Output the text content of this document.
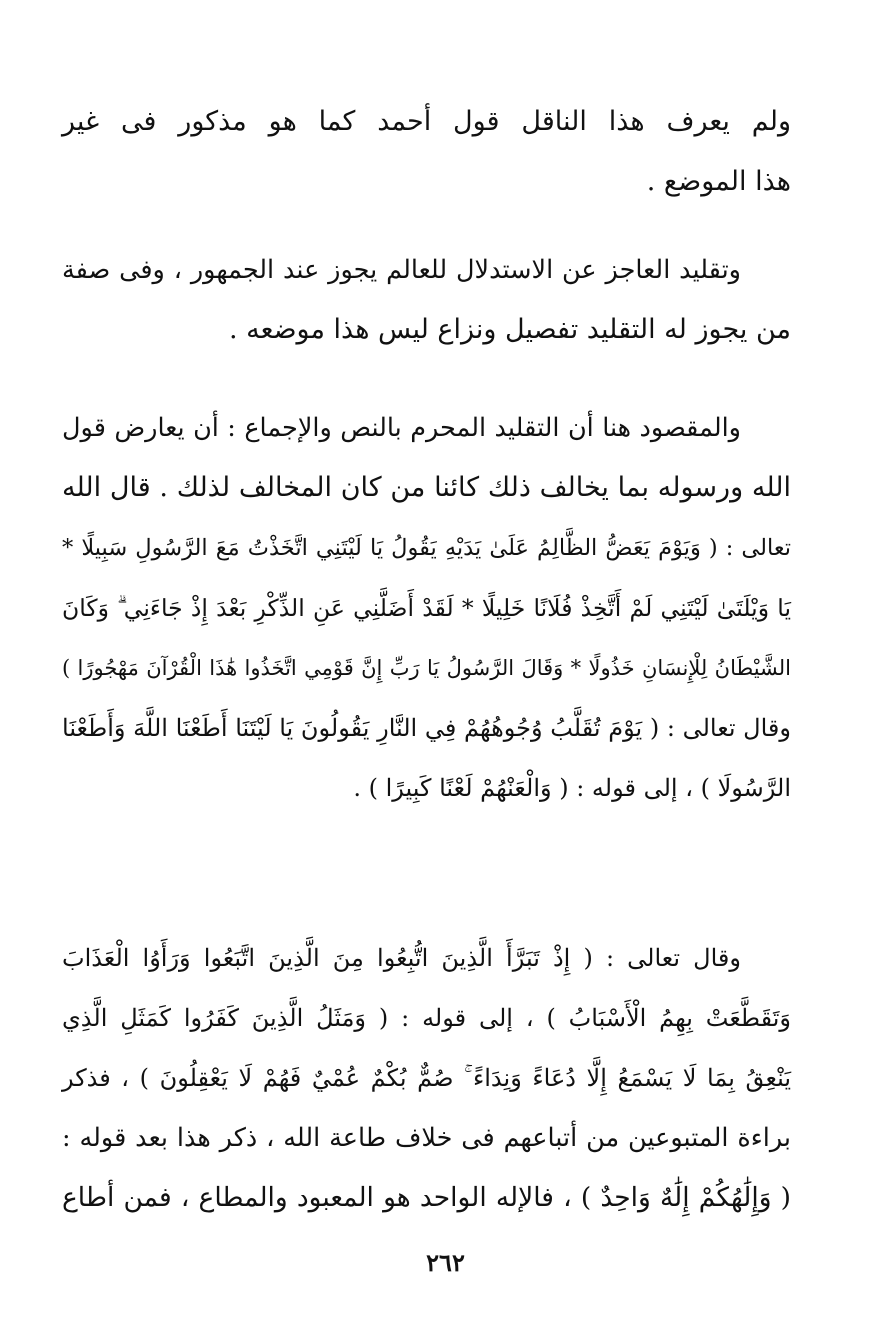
ولم يعرف هذا الناقل قول أحمد كما هو مذكور فى غير
هذا الموضع .
وتقليد العاجز عن الاستدلال للعالم يجوز عند الجمهور ، وفى صفة
من يجوز له التقليد تفصيل ونزاع ليس هذا موضعه .
والمقصود هنا أن التقليد المحرم بالنص والإجماع : أن يعارض قول
الله ورسوله بما يخالف ذلك كائنا من كان المخالف لذلك . قال الله
تعالى : ( وَيَوْمَ يَعَضُّ الظَّالِمُ عَلَىٰ يَدَيْهِ يَقُولُ يَا لَيْتَنِي اتَّخَذْتُ مَعَ الرَّسُولِ سَبِيلًا *
يَا وَيْلَتَىٰ لَيْتَنِي لَمْ أَتَّخِذْ فُلَانًا خَلِيلًا * لَقَدْ أَضَلَّنِي عَنِ الذِّكْرِ بَعْدَ إِذْ جَاءَنِي ۗ وَكَانَ
الشَّيْطَانُ لِلْإِنسَانِ خَذُولًا * وَقَالَ الرَّسُولُ يَا رَبِّ إِنَّ قَوْمِي اتَّخَذُوا هَٰذَا الْقُرْآنَ مَهْجُورًا )
وقال تعالى : ( يَوْمَ تُقَلَّبُ وُجُوهُهُمْ فِي النَّارِ يَقُولُونَ يَا لَيْتَنَا أَطَعْنَا اللَّهَ وَأَطَعْنَا
الرَّسُولَا ) ، إلى قوله : ( وَالْعَنْهُمْ لَعْنًا كَبِيرًا ) .
وقال تعالى : ( إِذْ تَبَرَّأَ الَّذِينَ اتُّبِعُوا مِنَ الَّذِينَ اتَّبَعُوا وَرَأَوُا الْعَذَابَ
وَتَقَطَّعَتْ بِهِمُ الْأَسْبَابُ ) ، إلى قوله : ( وَمَثَلُ الَّذِينَ كَفَرُوا كَمَثَلِ الَّذِي
يَنْعِقُ بِمَا لَا يَسْمَعُ إِلَّا دُعَاءً وَنِدَاءً ۚ صُمٌّ بُكْمٌ عُمْيٌ فَهُمْ لَا يَعْقِلُونَ ) ، فذكر
براءة المتبوعين من أتباعهم فى خلاف طاعة الله ، ذكر هذا بعد قوله :
( وَإِلَٰهُكُمْ إِلَٰهٌ وَاحِدٌ ) ، فالإله الواحد هو المعبود والمطاع ، فمن أطاع
٢٦٢
